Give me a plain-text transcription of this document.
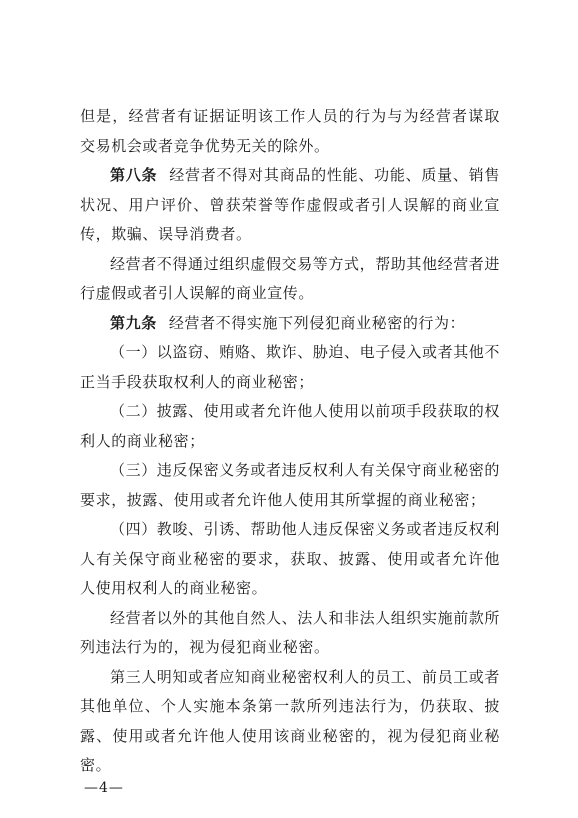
但是，经营者有证据证明该工作人员的行为与为经营者谋取交易机会或者竞争优势无关的除外。

第八条 经营者不得对其商品的性能、功能、质量、销售状况、用户评价、曾获荣誉等作虚假或者引人误解的商业宣传，欺骗、误导消费者。

经营者不得通过组织虚假交易等方式，帮助其他经营者进行虚假或者引人误解的商业宣传。

第九条 经营者不得实施下列侵犯商业秘密的行为：

（一）以盗窃、贿赂、欺诈、胁迫、电子侵入或者其他不正当手段获取权利人的商业秘密；

（二）披露、使用或者允许他人使用以前项手段获取的权利人的商业秘密；

（三）违反保密义务或者违反权利人有关保守商业秘密的要求，披露、使用或者允许他人使用其所掌握的商业秘密；

（四）教唆、引诱、帮助他人违反保密义务或者违反权利人有关保守商业秘密的要求，获取、披露、使用或者允许他人使用权利人的商业秘密。

经营者以外的其他自然人、法人和非法人组织实施前款所列违法行为的，视为侵犯商业秘密。

第三人明知或者应知商业秘密权利人的员工、前员工或者其他单位、个人实施本条第一款所列违法行为，仍获取、披露、使用或者允许他人使用该商业秘密的，视为侵犯商业秘密。

—4—
